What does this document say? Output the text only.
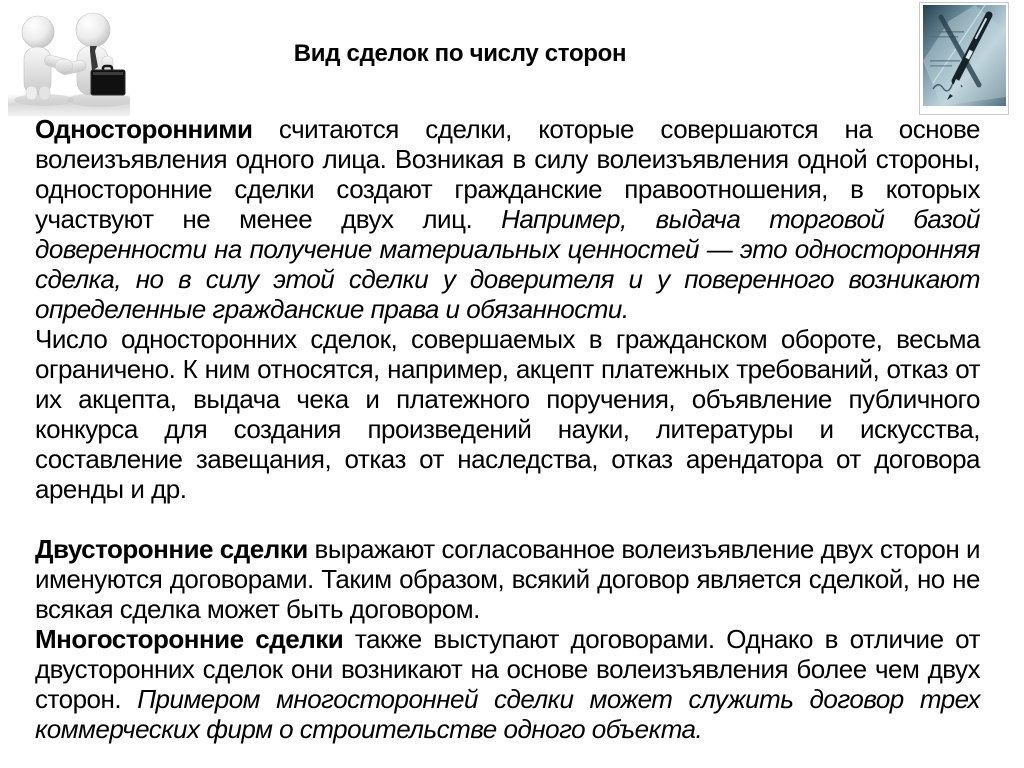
Вид сделок по числу сторон

Односторонними считаются сделки, которые совершаются на основе волеизъявления одного лица. Возникая в силу волеизъявления одной стороны, односторонние сделки создают гражданские правоотношения, в которых участвуют не менее двух лиц. Например, выдача торговой базой доверенности на получение материальных ценностей — это односторонняя сделка, но в силу этой сделки у доверителя и у поверенного возникают определенные гражданские права и обязанности.

Число односторонних сделок, совершаемых в гражданском обороте, весьма ограничено. К ним относятся, например, акцепт платежных требований, отказ от их акцепта, выдача чека и платежного поручения, объявление публичного конкурса для создания произведений науки, литературы и искусства, составление завещания, отказ от наследства, отказ арендатора от договора аренды и др.

Двусторонние сделки выражают согласованное волеизъявление двух сторон и именуются договорами. Таким образом, всякий договор является сделкой, но не всякая сделка может быть договором.

Многосторонние сделки также выступают договорами. Однако в отличие от двусторонних сделок они возникают на основе волеизъявления более чем двух сторон. Примером многосторонней сделки может служить договор трех коммерческих фирм о строительстве одного объекта.
